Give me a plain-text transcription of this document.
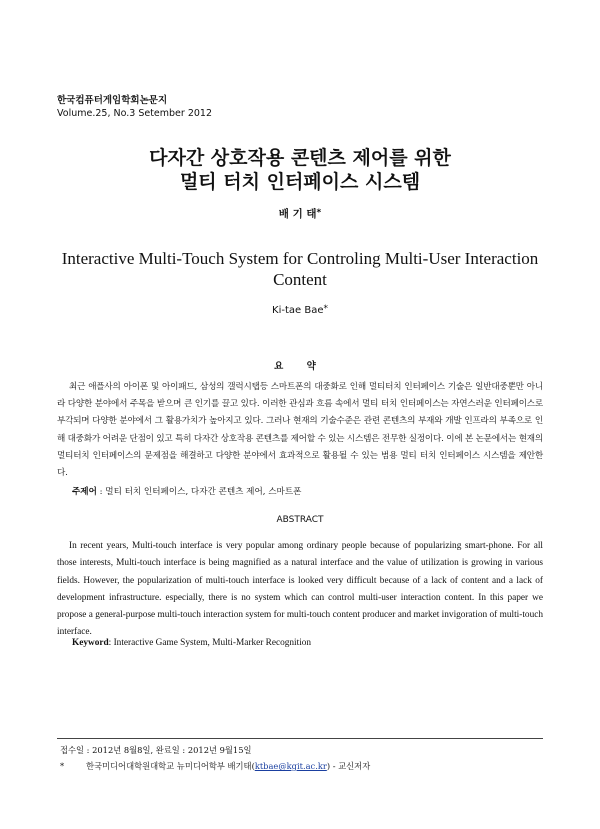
한국컴퓨터게임학회논문지
Volume.25, No.3 Setember 2012
다자간 상호작용 콘텐츠 제어를 위한
멀티 터치 인터페이스 시스템
배 기 태*
Interactive Multi-Touch System for Controling Multi-User Interaction Content
Ki-tae Bae*
요 약
최근 애플사의 아이폰 및 아이패드, 삼성의 갤럭시탭등 스마트폰의 대중화로 인해 멀티터치 인터페이스 기술은 일반대중뿐만 아니라 다양한 분야에서 주목을 받으며 큰 인기를 끌고 있다. 이러한 관심과 흐름 속에서 멀티 터치 인터페이스는 자연스러운 인터페이스로 부각되며 다양한 분야에서 그 활용가치가 높아지고 있다. 그러나 현재의 기술수준은 관련 콘텐츠의 부재와 개발 인프라의 부족으로 인해 대중화가 어려운 단점이 있고 특히 다자간 상호작용 콘텐츠를 제어할 수 있는 시스템은 전무한 실정이다. 이에 본 논문에서는 현재의 멀티터치 인터페이스의 문제점을 해결하고 다양한 분야에서 효과적으로 활용될 수 있는 범용 멀티 터치 인터페이스 시스템을 제안한다.
주제어 : 멀티 터치 인터페이스, 다자간 콘텐츠 제어, 스마트폰
ABSTRACT
In recent years, Multi-touch interface is very popular among ordinary people because of popularizing smart-phone. For all those interests, Multi-touch interface is being magnified as a natural interface and the value of utilization is growing in various fields. However, the popularization of multi-touch interface is looked very difficult because of a lack of content and a lack of development infrastructure. especially, there is no system which can control multi-user interaction content. In this paper we propose a general-purpose multi-touch interaction system for multi-touch content producer and market invigoration of multi-touch interface.
Keyword: Interactive Game System, Multi-Marker Recognition
접수일 : 2012년 8월8일, 완료일 : 2012년 9월15일
*	한국미디어대학원대학교 뉴미디어학부 배기태(ktbae@kgit.ac.kr) - 교신저자
